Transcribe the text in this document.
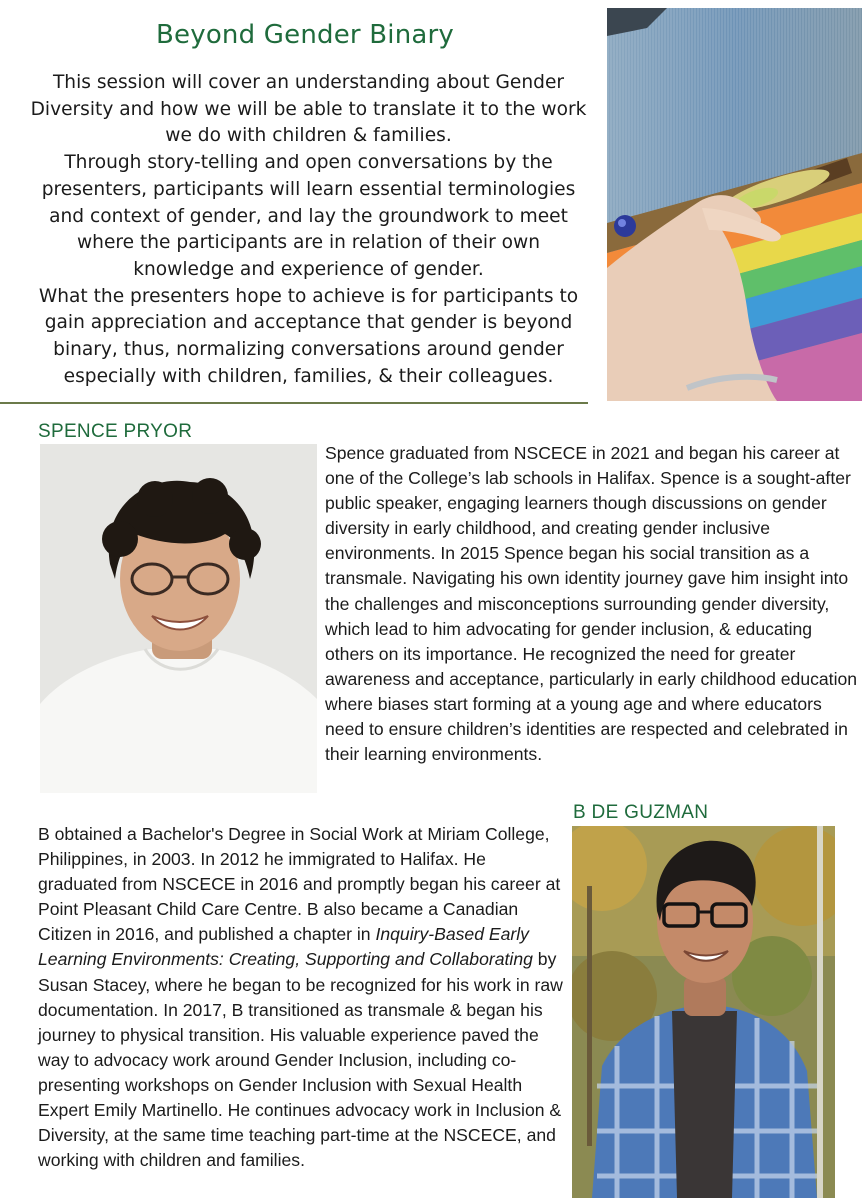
Beyond Gender Binary

This session will cover an understanding about Gender Diversity and how we will be able to translate it to the work we do with children & families.

Through story-telling and open conversations by the presenters, participants will learn essential terminologies and context of gender, and lay the groundwork to meet where the participants are in relation of their own knowledge and experience of gender.

What the presenters hope to achieve is for participants to gain appreciation and acceptance that gender is beyond binary, thus, normalizing conversations around gender especially with children, families, & their colleagues.

SPENCE PRYOR
Spence graduated from NSCECE in 2021 and began his career at one of the College’s lab schools in Halifax. Spence is a sought-after public speaker, engaging learners though discussions on gender diversity in early childhood, and creating gender inclusive environments. In 2015 Spence began his social transition as a transmale. Navigating his own identity journey gave him insight into the challenges and misconceptions surrounding gender diversity, which lead to him advocating for gender inclusion, & educating others on its importance. He recognized the need for greater awareness and acceptance, particularly in early childhood education where biases start forming at a young age and where educators need to ensure children’s identities are respected and celebrated in their learning environments.
B DE GUZMAN
B obtained a Bachelor's Degree in Social Work at Miriam College, Philippines, in 2003. In 2012 he immigrated to Halifax. He graduated from NSCECE in 2016 and promptly began his career at Point Pleasant Child Care Centre. B also became a Canadian Citizen in 2016, and published a chapter in Inquiry-Based Early Learning Environments: Creating, Supporting and Collaborating by Susan Stacey, where he began to be recognized for his work in raw documentation. In 2017, B transitioned as transmale & began his journey to physical transition. His valuable experience paved the way to advocacy work around Gender Inclusion, including co-presenting workshops on Gender Inclusion with Sexual Health Expert Emily Martinello. He continues advocacy work in Inclusion & Diversity, at the same time teaching part-time at the NSCECE, and working with children and families.
